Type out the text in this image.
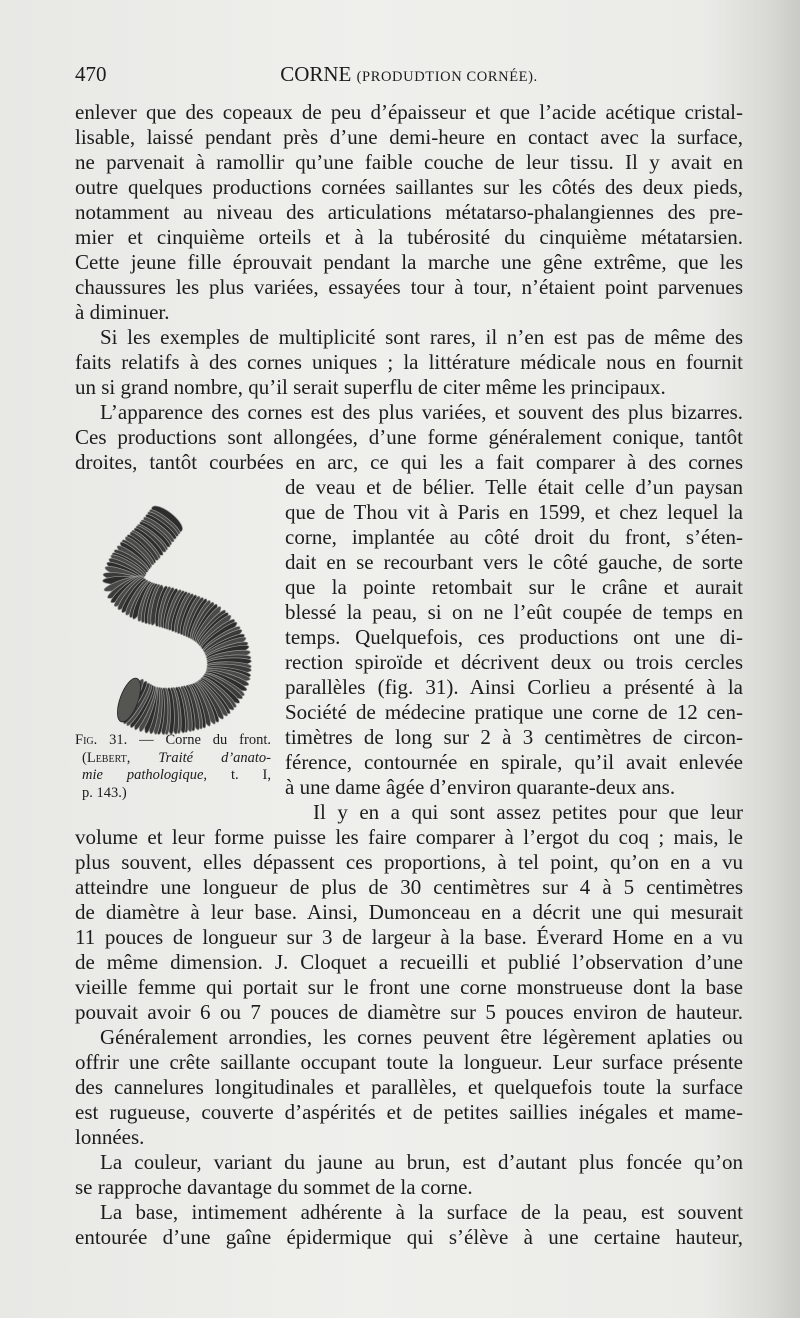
470	CORNE (PRODUDTION CORNÉE).
enlever que des copeaux de peu d’épaisseur et que l’acide acétique cristal-
lisable, laissé pendant près d’une demi-heure en contact avec la surface,
ne parvenait à ramollir qu’une faible couche de leur tissu. Il y avait en
outre quelques productions cornées saillantes sur les côtés des deux pieds,
notamment au niveau des articulations métatarso-phalangiennes des pre-
mier et cinquième orteils et à la tubérosité du cinquième métatarsien.
Cette jeune fille éprouvait pendant la marche une gêne extrême, que les
chaussures les plus variées, essayées tour à tour, n’étaient point parvenues
à diminuer.
Si les exemples de multiplicité sont rares, il n’en est pas de même des
faits relatifs à des cornes uniques ; la littérature médicale nous en fournit
un si grand nombre, qu’il serait superflu de citer même les principaux.
L’apparence des cornes est des plus variées, et souvent des plus bizarres.
Ces productions sont allongées, d’une forme généralement conique, tantôt
droites, tantôt courbées en arc, ce qui les a fait comparer à des cornes
de veau et de bélier. Telle était celle d’un paysan
que de Thou vit à Paris en 1599, et chez lequel la
corne, implantée au côté droit du front, s’éten-
dait en se recourbant vers le côté gauche, de sorte
que la pointe retombait sur le crâne et aurait
blessé la peau, si on ne l’eût coupée de temps en
temps. Quelquefois, ces productions ont une di-
rection spiroïde et décrivent deux ou trois cercles
parallèles (fig. 31). Ainsi Corlieu a présenté à la
Société de médecine pratique une corne de 12 cen-
timètres de long sur 2 à 3 centimètres de circon-
férence, contournée en spirale, qu’il avait enlevée
à une dame âgée d’environ quarante-deux ans.
Il y en a qui sont assez petites pour que leur
volume et leur forme puisse les faire comparer à l’ergot du coq ; mais, le
plus souvent, elles dépassent ces proportions, à tel point, qu’on en a vu
atteindre une longueur de plus de 30 centimètres sur 4 à 5 centimètres
de diamètre à leur base. Ainsi, Dumonceau en a décrit une qui mesurait
11 pouces de longueur sur 3 de largeur à la base. Éverard Home en a vu
de même dimension. J. Cloquet a recueilli et publié l’observation d’une
vieille femme qui portait sur le front une corne monstrueuse dont la base
pouvait avoir 6 ou 7 pouces de diamètre sur 5 pouces environ de hauteur.
Généralement arrondies, les cornes peuvent être légèrement aplaties ou
offrir une crête saillante occupant toute la longueur. Leur surface présente
des cannelures longitudinales et parallèles, et quelquefois toute la surface
est rugueuse, couverte d’aspérités et de petites saillies inégales et mame-
lonnées.
La couleur, variant du jaune au brun, est d’autant plus foncée qu’on
se rapproche davantage du sommet de la corne.
La base, intimement adhérente à la surface de la peau, est souvent
entourée d’une gaîne épidermique qui s’élève à une certaine hauteur,
Fig. 31. — Corne du front.
(Lebert, Traité d’anato-
mie pathologique, t. I,
p. 143.)
